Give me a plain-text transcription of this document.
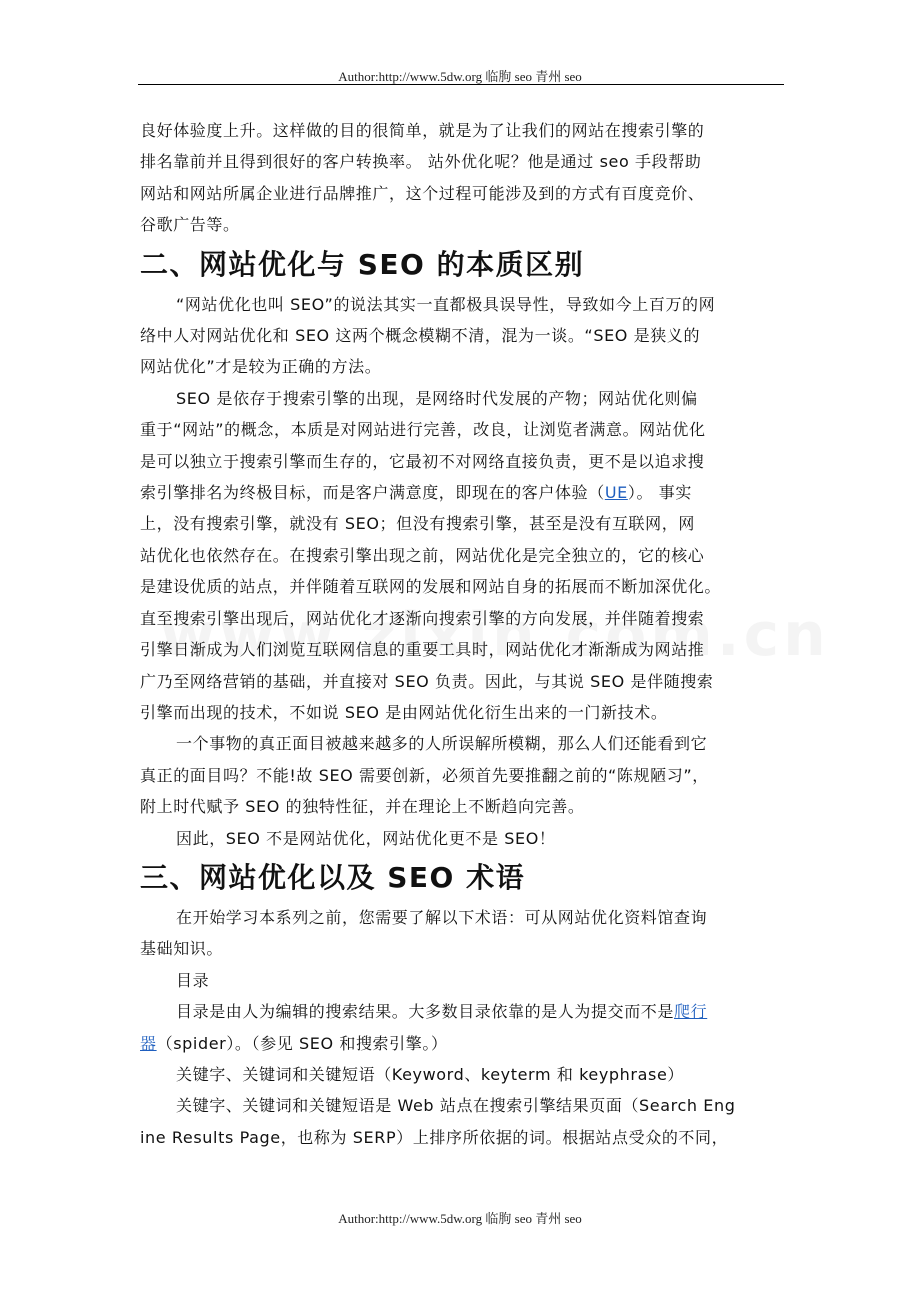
Author:http://www.5dw.org 临朐 seo 青州 seo

良好体验度上升。这样做的目的很简单，就是为了让我们的网站在搜索引擎的

排名靠前并且得到很好的客户转换率。 站外优化呢？他是通过 seo 手段帮助

网站和网站所属企业进行品牌推广，这个过程可能涉及到的方式有百度竞价、

谷歌广告等。

二、网站优化与 SEO 的本质区别

“网站优化也叫 SEO”的说法其实一直都极具误导性，导致如今上百万的网

络中人对网站优化和 SEO 这两个概念模糊不清，混为一谈。“SEO 是狭义的

网站优化”才是较为正确的方法。

SEO 是依存于搜索引擎的出现，是网络时代发展的产物；网站优化则偏

重于“网站”的概念，本质是对网站进行完善，改良，让浏览者满意。网站优化

是可以独立于搜索引擎而生存的，它最初不对网络直接负责，更不是以追求搜

索引擎排名为终极目标，而是客户满意度，即现在的客户体验（UE）。 事实

上，没有搜索引擎，就没有 SEO；但没有搜索引擎，甚至是没有互联网，网

站优化也依然存在。在搜索引擎出现之前，网站优化是完全独立的，它的核心

是建设优质的站点，并伴随着互联网的发展和网站自身的拓展而不断加深优化。

直至搜索引擎出现后，网站优化才逐渐向搜索引擎的方向发展，并伴随着搜索

引擎日渐成为人们浏览互联网信息的重要工具时，网站优化才渐渐成为网站推

广乃至网络营销的基础，并直接对 SEO 负责。因此，与其说 SEO 是伴随搜索

引擎而出现的技术，不如说 SEO 是由网站优化衍生出来的一门新技术。

一个事物的真正面目被越来越多的人所误解所模糊，那么人们还能看到它

真正的面目吗？不能!故 SEO 需要创新，必须首先要推翻之前的“陈规陋习”，

附上时代赋予 SEO 的独特性征，并在理论上不断趋向完善。

因此，SEO 不是网站优化，网站优化更不是 SEO！

三、网站优化以及 SEO 术语

在开始学习本系列之前，您需要了解以下术语：可从网站优化资料馆查询

基础知识。

目录

目录是由人为编辑的搜索结果。大多数目录依靠的是人为提交而不是爬行

器（spider）。（参见 SEO 和搜索引擎。）

关键字、关键词和关键短语（Keyword、keyterm 和 keyphrase）

关键字、关键词和关键短语是 Web 站点在搜索引擎结果页面（Search Eng

ine Results Page，也称为 SERP）上排序所依据的词。根据站点受众的不同，

Author:http://www.5dw.org 临朐 seo 青州 seo
